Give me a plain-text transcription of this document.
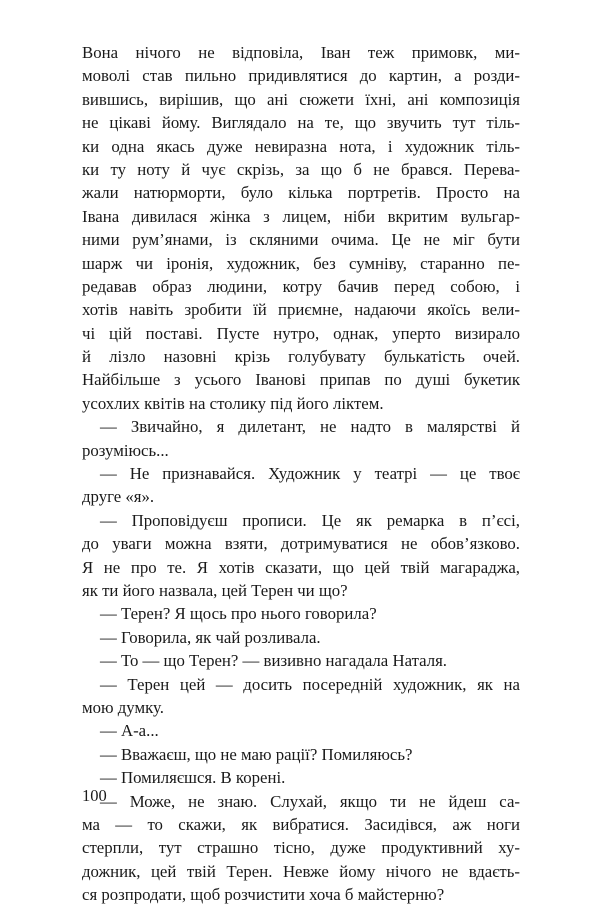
Вона нічого не відповіла, Іван теж примовк, ми-
моволі став пильно придивлятися до картин, а розди-
вившись, вирішив, що ані сюжети їхні, ані композиція
не цікаві йому. Виглядало на те, що звучить тут тіль-
ки одна якась дуже невиразна нота, і художник тіль-
ки ту ноту й чує скрізь, за що б не брався. Перева-
жали натюрморти, було кілька портретів. Просто на
Івана дивилася жінка з лицем, ніби вкритим вульгар-
ними рум’янами, із скляними очима. Це не міг бути
шарж чи іронія, художник, без сумніву, старанно пе-
редавав образ людини, котру бачив перед собою, і
хотів навіть зробити їй приємне, надаючи якоїсь вели-
чі цій поставі. Пусте нутро, однак, уперто визирало
й лізло назовні крізь голубувату булькатість очей.
Найбільше з усього Іванові припав по душі букетик
усохлих квітів на столику під його ліктем.
— Звичайно, я дилетант, не надто в малярстві й
розуміюсь...
— Не признавайся. Художник у театрі — це твоє
друге «я».
— Проповідуєш прописи. Це як ремарка в п’єсі,
до уваги можна взяти, дотримуватися не обов’язково.
Я не про те. Я хотів сказати, що цей твій магараджа,
як ти його назвала, цей Терен чи що?
— Терен? Я щось про нього говорила?
— Говорила, як чай розливала.
— То — що Терен? — визивно нагадала Наталя.
— Терен цей — досить посередній художник, як на
мою думку.
— А-а...
— Вважаєш, що не маю рації? Помиляюсь?
— Помиляєшся. В корені.
— Може, не знаю. Слухай, якщо ти не йдеш са-
ма — то скажи, як вибратися. Засидівся, аж ноги
стерпли, тут страшно тісно, дуже продуктивний ху-
дожник, цей твій Терен. Невже йому нічого не вдаєть-
ся розпродати, щоб розчистити хоча б майстерню?
100
